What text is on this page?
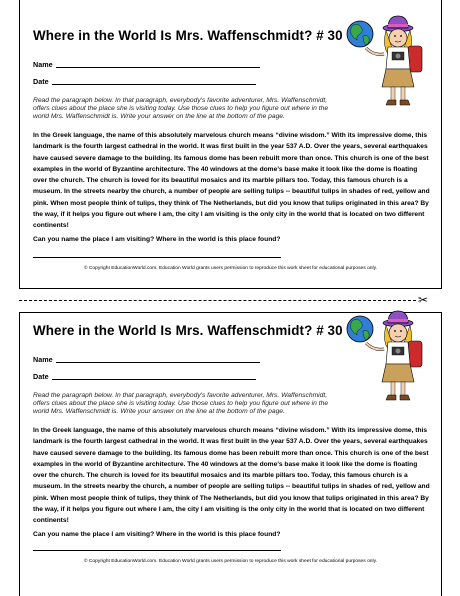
Where in the World Is Mrs. Waffenschmidt? # 30
Name
Date
Read the paragraph below. In that paragraph, everybody's favorite adventurer, Mrs. Waffenschmidt, offers clues about the place she is visiting today. Use those clues to help you figure out where in the world Mrs. Waffenschmidt is. Write your answer on the line at the bottom of the page.
In the Greek language, the name of this absolutely marvelous church means “divine wisdom.” With its impressive dome, this landmark is the fourth largest cathedral in the world. It was first built in the year 537 A.D. Over the years, several earthquakes have caused severe damage to the building. Its famous dome has been rebuilt more than once. This church is one of the best examples in the world of Byzantine architecture. The 40 windows at the dome’s base make it look like the dome is floating over the church. The church is loved for its beautiful mosaics and its marble pillars too. Today, this famous church is a museum. In the streets nearby the church, a number of people are selling tulips -- beautiful tulips in shades of red, yellow and pink. When most people think of tulips, they think of The Netherlands, but did you know that tulips originated in this area? By the way, if it helps you figure out where I am, the city I am visiting is the only city in the world that is located on two different continents!
Can you name the place I am visiting? Where in the world is this place found?
© Copyright EducationWorld.com. Education World grants users permission to reproduce this work sheet for educational purposes only.
✂
Where in the World Is Mrs. Waffenschmidt? # 30
Name
Date
Read the paragraph below. In that paragraph, everybody's favorite adventurer, Mrs. Waffenschmidt, offers clues about the place she is visiting today. Use those clues to help you figure out where in the world Mrs. Waffenschmidt is. Write your answer on the line at the bottom of the page.
In the Greek language, the name of this absolutely marvelous church means “divine wisdom.” With its impressive dome, this landmark is the fourth largest cathedral in the world. It was first built in the year 537 A.D. Over the years, several earthquakes have caused severe damage to the building. Its famous dome has been rebuilt more than once. This church is one of the best examples in the world of Byzantine architecture. The 40 windows at the dome’s base make it look like the dome is floating over the church. The church is loved for its beautiful mosaics and its marble pillars too. Today, this famous church is a museum. In the streets nearby the church, a number of people are selling tulips -- beautiful tulips in shades of red, yellow and pink. When most people think of tulips, they think of The Netherlands, but did you know that tulips originated in this area? By the way, if it helps you figure out where I am, the city I am visiting is the only city in the world that is located on two different continents!
Can you name the place I am visiting? Where in the world is this place found?
© Copyright EducationWorld.com. Education World grants users permission to reproduce this work sheet for educational purposes only.
